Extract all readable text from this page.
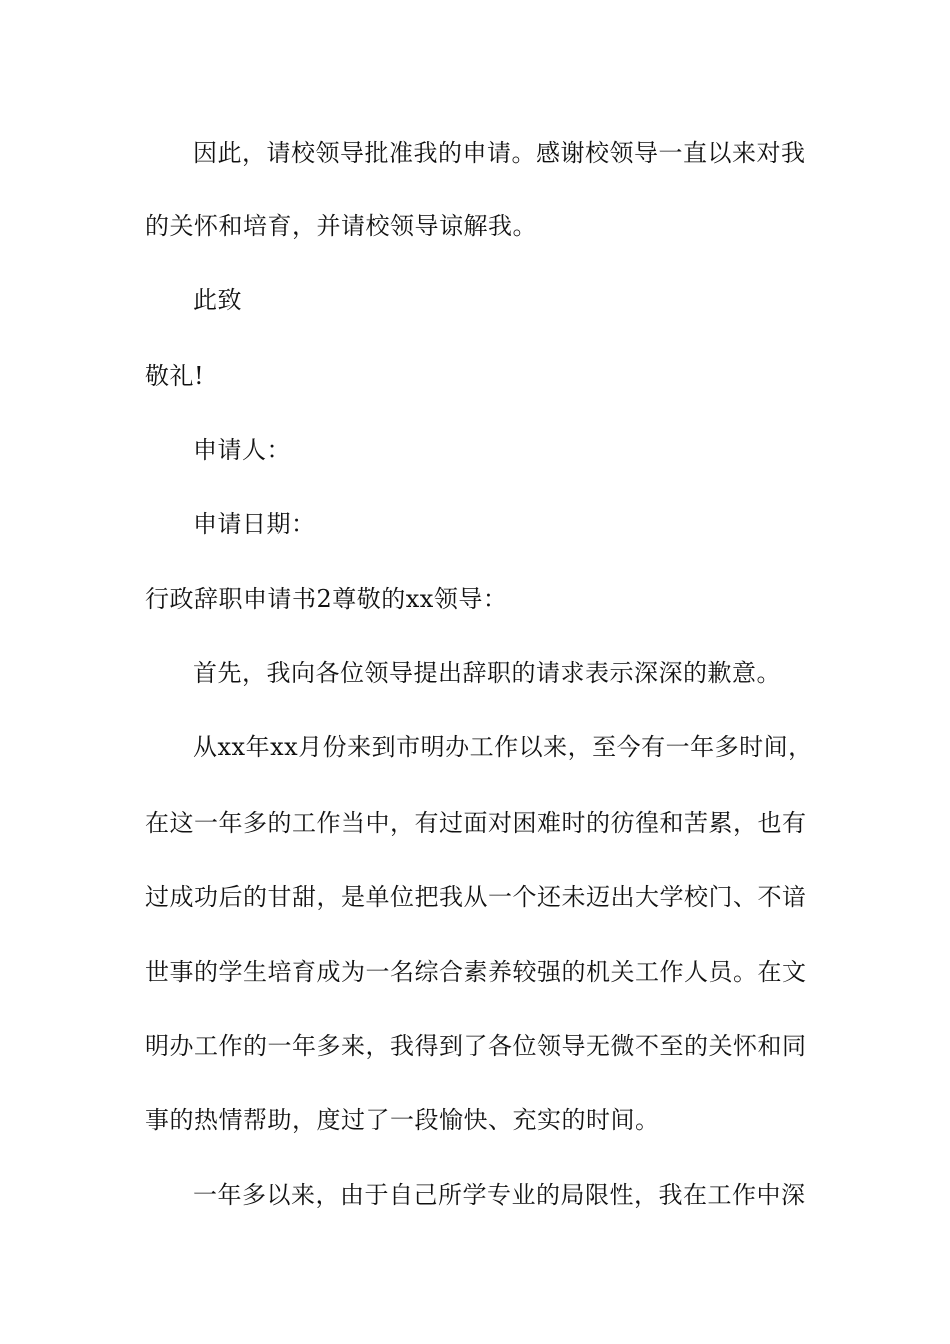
因此，请校领导批准我的申请。感谢校领导一直以来对我
的关怀和培育，并请校领导谅解我。
此致
敬礼!
申请人：
申请日期：
行政辞职申请书2尊敬的xx领导：
首先，我向各位领导提出辞职的请求表示深深的歉意。
从xx年xx月份来到市明办工作以来，至今有一年多时间，
在这一年多的工作当中，有过面对困难时的彷徨和苦累，也有
过成功后的甘甜，是单位把我从一个还未迈出大学校门、不谙
世事的学生培育成为一名综合素养较强的机关工作人员。在文
明办工作的一年多来，我得到了各位领导无微不至的关怀和同
事的热情帮助，度过了一段愉快、充实的时间。
一年多以来，由于自己所学专业的局限性，我在工作中深
